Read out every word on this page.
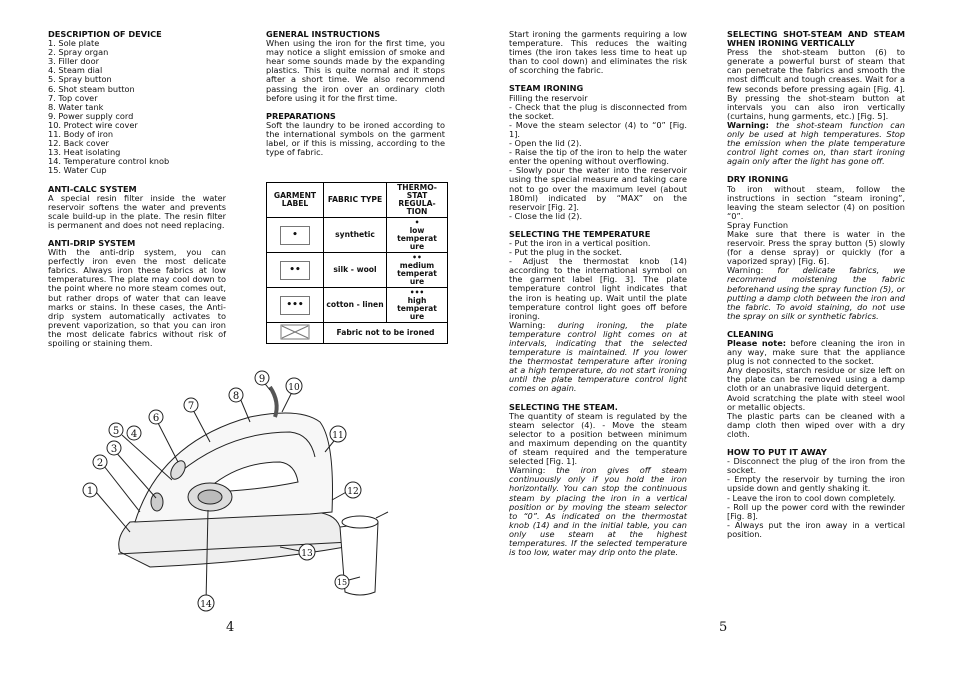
DESCRIPTION OF DEVICE

1. Sole plate

2. Spray organ

3. Filler door

4. Steam dial

5. Spray button

6. Shot steam button

7. Top cover

8. Water tank

9. Power supply cord

10. Protect wire cover

11. Body of iron

12. Back cover

13. Heat isolating

14. Temperature control knob

15. Water Cup

ANTI-CALC SYSTEM

A special resin filter inside the water reservoir softens the water and prevents scale build-up in the plate. The resin filter is permanent and does not need replacing.

ANTI-DRIP SYSTEM

With the anti-drip system, you can perfectly iron even the most delicate fabrics. Always iron these fabrics at low temperatures. The plate may cool down to the point where no more steam comes out, but rather drops of water that can leave marks or stains. In these cases, the Anti-drip system automatically activates to prevent vaporization, so that you can iron the most delicate fabrics without risk of spoiling or staining them.

GENERAL INSTRUCTIONS

When using the iron for the first time, you may notice a slight emission of smoke and hear some sounds made by the expanding plastics. This is quite normal and it stops after a short time. We also recommend passing the iron over an ordinary cloth before using it for the first time.

PREPARATIONS

Soft the laundry to be ironed according to the international symbols on the garment label, or if this is missing, according to the type of fabric.

GARMENT LABEL	FABRIC TYPE	THERMO-STAT REGULA-TION

•	synthetic	•
low temperat ure

••	silk - wool	••
medium temperat ure

•••	cotton - linen	•••
high temperat ure

	Fabric not to be ironed	
1
2
3
4
5
6
7
8
9
10
11
12
13
14
15
4

Start ironing the garments requiring a low temperature. This reduces the waiting times (the iron takes less time to heat up than to cool down) and eliminates the risk of scorching the fabric.

STEAM IRONING

Filling the reservoir

- Check that the plug is disconnected from the socket.

- Move the steam selector (4) to “0” [Fig. 1].

- Open the lid (2).

- Raise the tip of the iron to help the water enter the opening without overflowing.

- Slowly pour the water into the reservoir using the special measure and taking care not to go over the maximum level (about 180ml) indicated by “MAX” on the reservoir [Fig. 2].

- Close the lid (2).

SELECTING THE TEMPERATURE

- Put the iron in a vertical position.

- Put the plug in the socket.

- Adjust the thermostat knob (14) according to the international symbol on the garment label [Fig. 3]. The plate temperature control light indicates that the iron is heating up. Wait until the plate temperature control light goes off before ironing.

Warning: during ironing, the plate temperature control light comes on at intervals, indicating that the selected temperature is maintained. If you lower the thermostat temperature after ironing at a high temperature, do not start ironing until the plate temperature control light comes on again.

SELECTING THE STEAM.

The quantity of steam is regulated by the steam selector (4). - Move the steam selector to a position between minimum and maximum depending on the quantity of steam required and the temperature selected [Fig. 1].

Warning: the iron gives off steam continuously only if you hold the iron horizontally. You can stop the continuous steam by placing the iron in a vertical position or by moving the steam selector to “0”. As indicated on the thermostat knob (14) and in the initial table, you can only use steam at the highest temperatures. If the selected temperature is too low, water may drip onto the plate.

SELECTING SHOT-STEAM AND STEAM WHEN IRONING VERTICALLY

Press the shot-steam button (6) to generate a powerful burst of steam that can penetrate the fabrics and smooth the most difficult and tough creases. Wait for a few seconds before pressing again [Fig. 4]. By pressing the shot-steam button at intervals you can also iron vertically (curtains, hung garments, etc.) [Fig. 5].

Warning: the shot-steam function can only be used at high temperatures. Stop the emission when the plate temperature control light comes on, than start ironing again only after the light has gone off.

DRY IRONING

To iron without steam, follow the instructions in section “steam ironing”, leaving the steam selector (4) on position “0”.

Spray Function

Make sure that there is water in the reservoir. Press the spray button (5) slowly (for a dense spray) or quickly (for a vaporized spray) [Fig. 6].

Warning: for delicate fabrics, we recommend moistening the fabric beforehand using the spray function (5), or putting a damp cloth between the iron and the fabric. To avoid staining, do not use the spray on silk or synthetic fabrics.

CLEANING

Please note: before cleaning the iron in any way, make sure that the appliance plug is not connected to the socket.

Any deposits, starch residue or size left on the plate can be removed using a damp cloth or an unabrasive liquid detergent.

Avoid scratching the plate with steel wool or metallic objects.

The plastic parts can be cleaned with a damp cloth then wiped over with a dry cloth.

HOW TO PUT IT AWAY

- Disconnect the plug of the iron from the socket.

- Empty the reservoir by turning the iron upside down and gently shaking it.

- Leave the iron to cool down completely.

- Roll up the power cord with the rewinder [Fig. 8].

- Always put the iron away in a vertical position.

5
